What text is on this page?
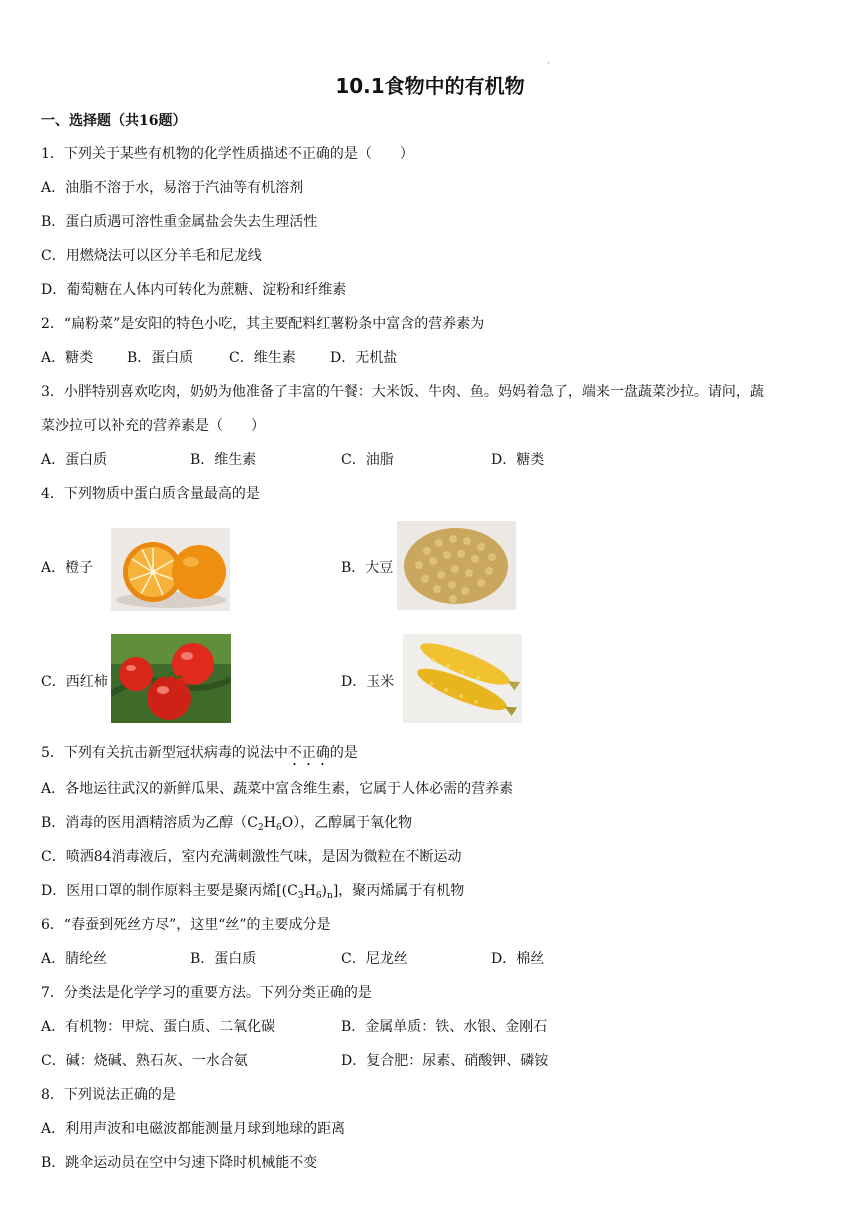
10.1食物中的有机物
'
一、选择题（共16题）
1．下列关于某些有机物的化学性质描述不正确的是（　　）
A．油脂不溶于水，易溶于汽油等有机溶剂
B．蛋白质遇可溶性重金属盐会失去生理活性
C．用燃烧法可以区分羊毛和尼龙线
D．葡萄糖在人体内可转化为蔗糖、淀粉和纤维素
2．“扁粉菜”是安阳的特色小吃，其主要配料红薯粉条中富含的营养素为
A．糖类 B．蛋白质	C．维生素 D．无机盐
3．小胖特别喜欢吃肉，奶奶为他准备了丰富的午餐：大米饭、牛肉、鱼。妈妈着急了，端来一盘蔬菜沙拉。请问，蔬
菜沙拉可以补充的营养素是（　　）
A．蛋白质	B．维生素	C．油脂	D．糖类
4．下列物质中蛋白质含量最高的是
A．橙子	B．大豆
C．西红柿	D．玉米
5．下列有关抗击新型冠状病毒的说法中不正确的是
A．各地运往武汉的新鲜瓜果、蔬菜中富含维生素，它属于人体必需的营养素
B．消毒的医用酒精溶质为乙醇$(C_2H_6O)$，乙醇属于氧化物
C．喷洒84消毒液后，室内充满刺激性气味，是因为微粒在不断运动
D．医用口罩的制作原料主要是聚丙烯$[(C_3H_6)_n]$，聚丙烯属于有机物
6．“春蚕到死丝方尽”，这里“丝”的主要成分是
A．腈纶丝	B．蛋白质	C．尼龙丝	D．棉丝
7．分类法是化学学习的重要方法。下列分类正确的是
A．有机物：甲烷、蛋白质、二氧化碳	B．金属单质：铁、水银、金刚石
C．碱：烧碱、熟石灰、一水合氨	D．复合肥：尿素、硝酸钾、磷铵
8．下列说法正确的是
A．利用声波和电磁波都能测量月球到地球的距离
B．跳伞运动员在空中匀速下降时机械能不变
